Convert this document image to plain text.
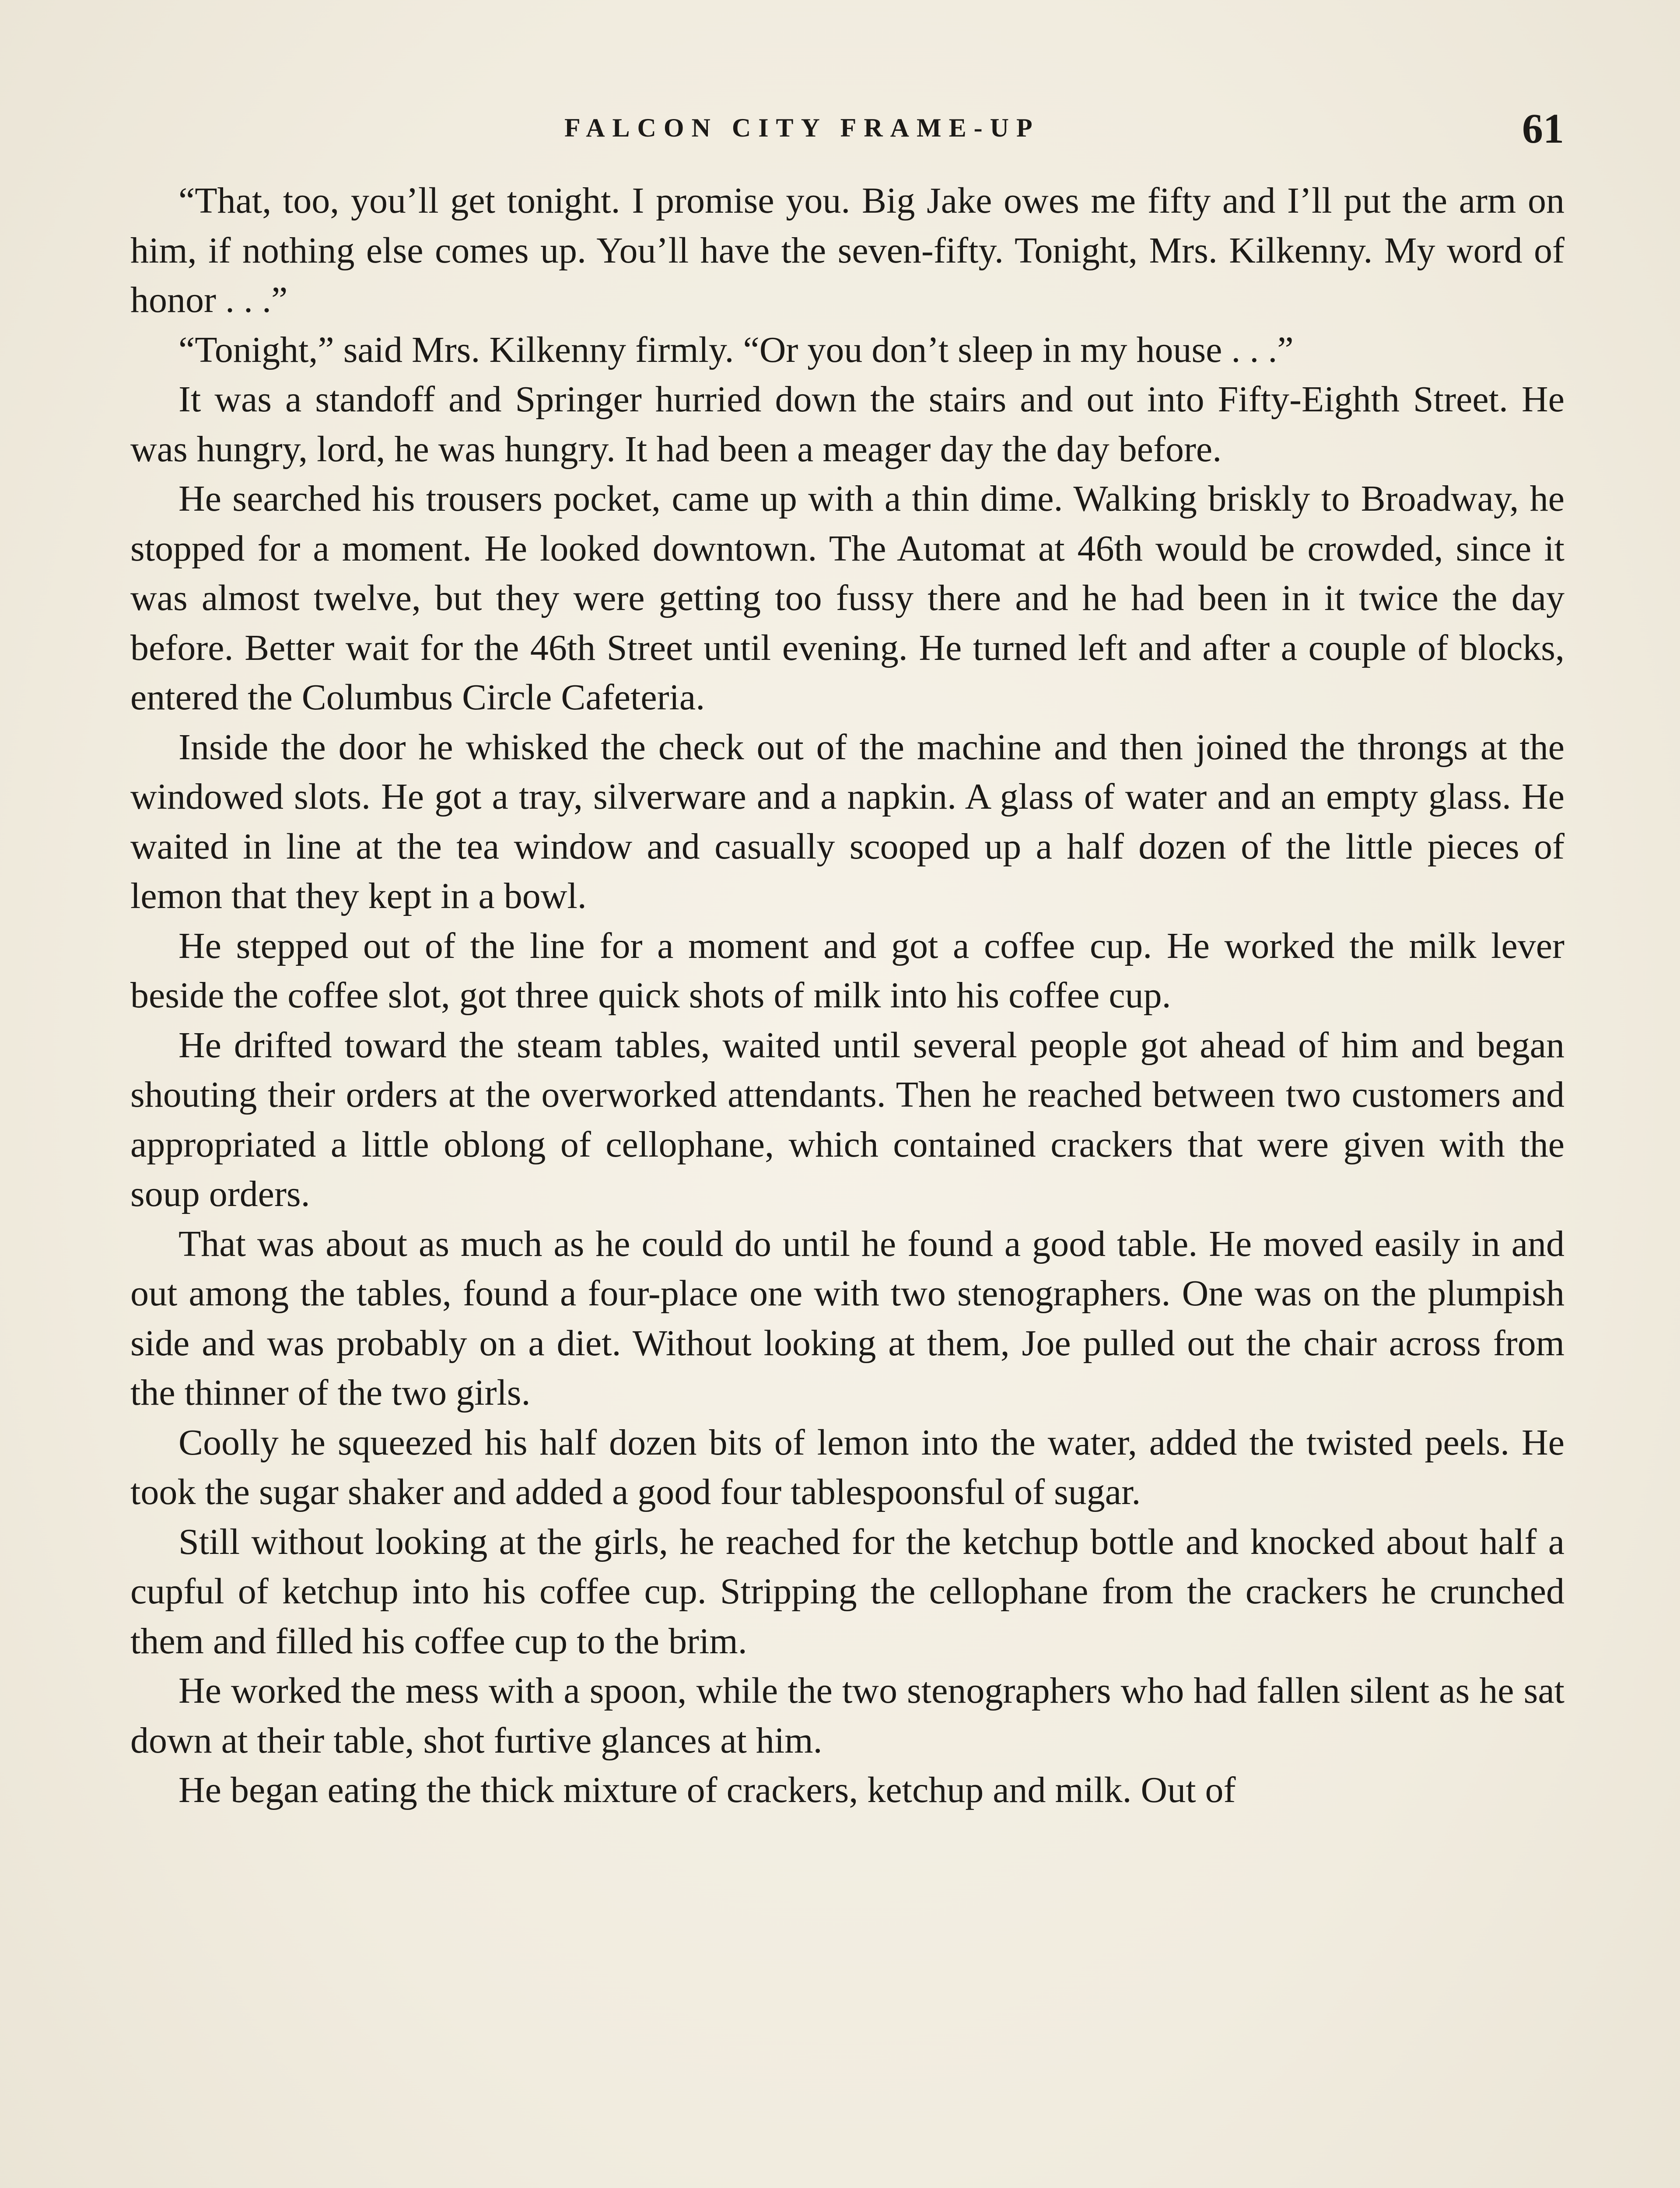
FALCON CITY FRAME-UP	61

“That, too, you’ll get tonight. I promise you. Big Jake owes me fifty and I’ll put the arm on him, if nothing else comes up. You’ll have the seven-fifty. Tonight, Mrs. Kilkenny. My word of honor . . .”

“Tonight,” said Mrs. Kilkenny firmly. “Or you don’t sleep in my house . . .”

It was a standoff and Springer hurried down the stairs and out into Fifty-Eighth Street. He was hungry, lord, he was hungry. It had been a meager day the day before.

He searched his trousers pocket, came up with a thin dime. Walking briskly to Broadway, he stopped for a moment. He looked downtown. The Automat at 46th would be crowded, since it was almost twelve, but they were getting too fussy there and he had been in it twice the day before. Better wait for the 46th Street until evening. He turned left and after a couple of blocks, entered the Columbus Circle Cafeteria.

Inside the door he whisked the check out of the machine and then joined the throngs at the windowed slots. He got a tray, silverware and a napkin. A glass of water and an empty glass. He waited in line at the tea window and casually scooped up a half dozen of the little pieces of lemon that they kept in a bowl.

He stepped out of the line for a moment and got a coffee cup. He worked the milk lever beside the coffee slot, got three quick shots of milk into his coffee cup.

He drifted toward the steam tables, waited until several people got ahead of him and began shouting their orders at the overworked attendants. Then he reached between two customers and appropriated a little oblong of cellophane, which contained crackers that were given with the soup orders.

That was about as much as he could do until he found a good table. He moved easily in and out among the tables, found a four-place one with two stenographers. One was on the plumpish side and was probably on a diet. Without looking at them, Joe pulled out the chair across from the thinner of the two girls.

Coolly he squeezed his half dozen bits of lemon into the water, added the twisted peels. He took the sugar shaker and added a good four tablespoonsful of sugar.

Still without looking at the girls, he reached for the ketchup bottle and knocked about half a cupful of ketchup into his coffee cup. Stripping the cellophane from the crackers he crunched them and filled his coffee cup to the brim.

He worked the mess with a spoon, while the two stenographers who had fallen silent as he sat down at their table, shot furtive glances at him.

He began eating the thick mixture of crackers, ketchup and milk. Out of
